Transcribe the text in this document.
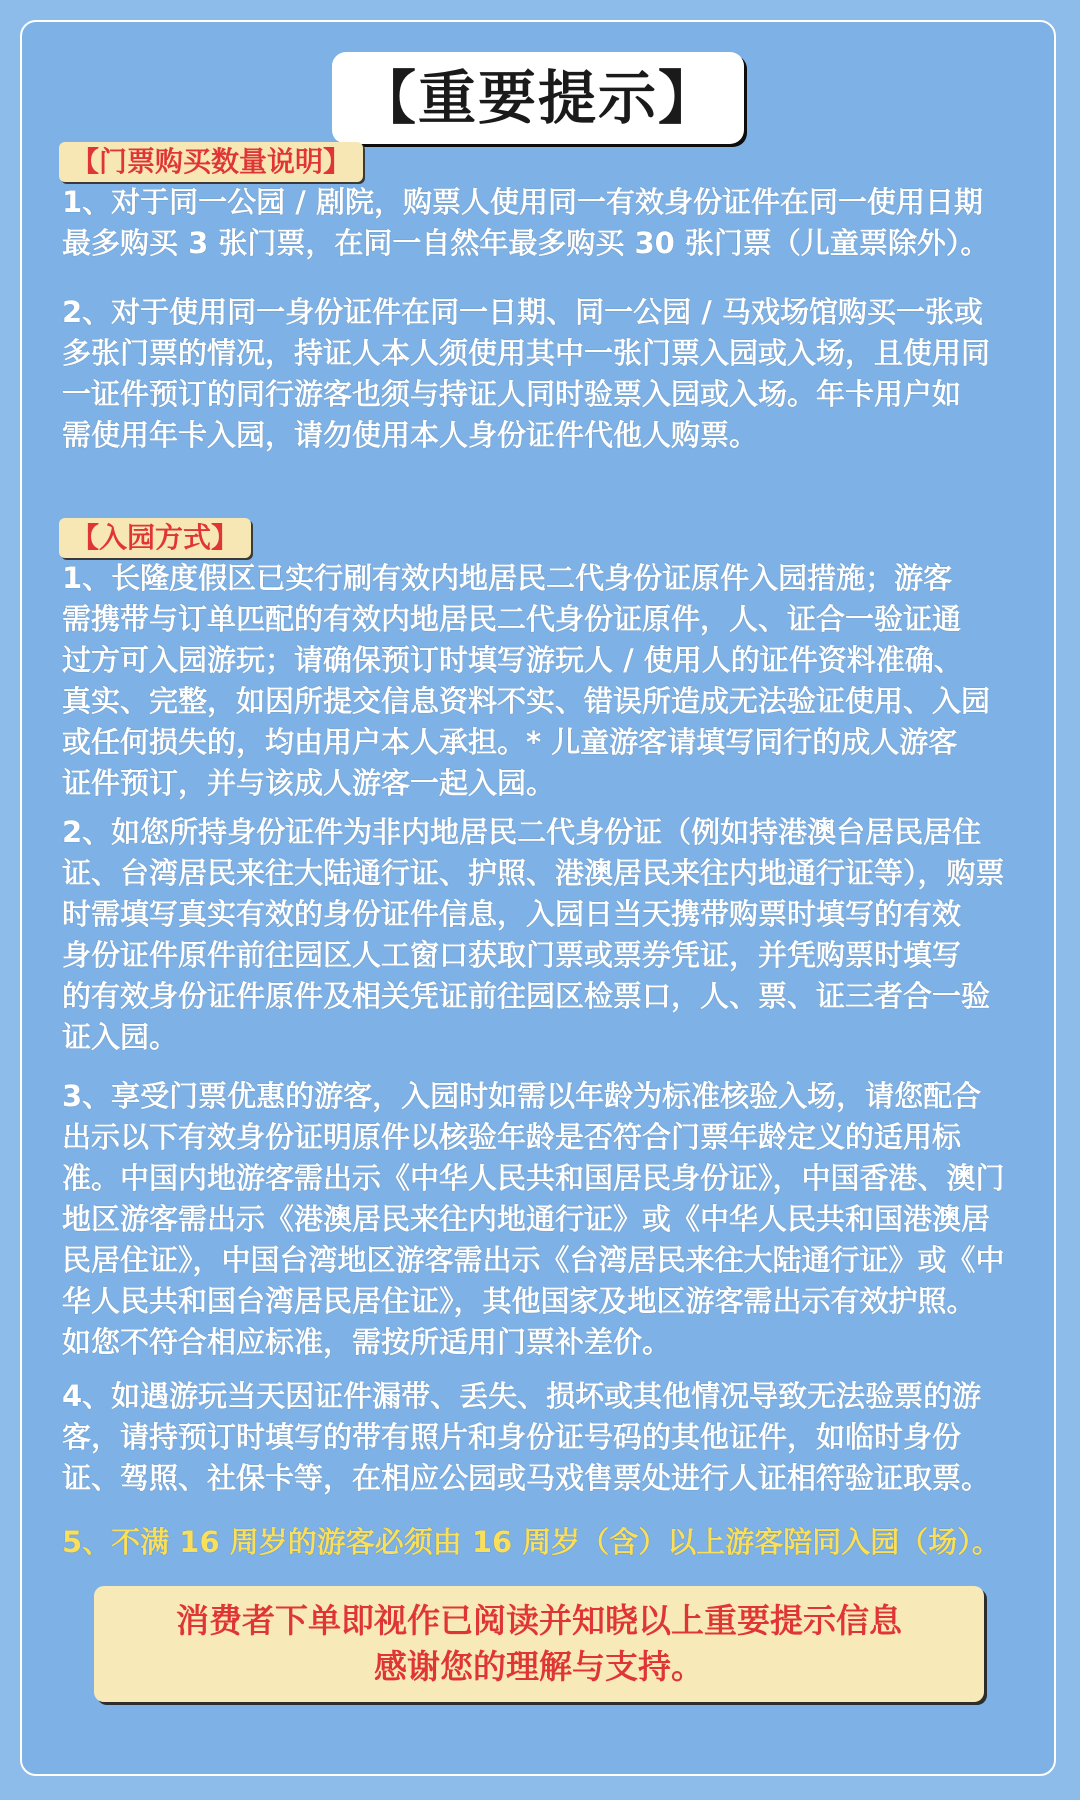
【重要提示】
【门票购买数量说明】

1、对于同一公园 / 剧院，购票人使用同一有效身份证件在同一使用日期
最多购买 3 张门票，在同一自然年最多购买 30 张门票（儿童票除外）。

2、对于使用同一身份证件在同一日期、同一公园 / 马戏场馆购买一张或
多张门票的情况，持证人本人须使用其中一张门票入园或入场，且使用同
一证件预订的同行游客也须与持证人同时验票入园或入场。年卡用户如
需使用年卡入园，请勿使用本人身份证件代他人购票。

【入园方式】

1、长隆度假区已实行刷有效内地居民二代身份证原件入园措施；游客
需携带与订单匹配的有效内地居民二代身份证原件，人、证合一验证通
过方可入园游玩；请确保预订时填写游玩人 / 使用人的证件资料准确、
真实、完整，如因所提交信息资料不实、错误所造成无法验证使用、入园
或任何损失的，均由用户本人承担。* 儿童游客请填写同行的成人游客
证件预订，并与该成人游客一起入园。

2、如您所持身份证件为非内地居民二代身份证（例如持港澳台居民居住
证、台湾居民来往大陆通行证、护照、港澳居民来往内地通行证等），购票
时需填写真实有效的身份证件信息，入园日当天携带购票时填写的有效
身份证件原件前往园区人工窗口获取门票或票券凭证，并凭购票时填写
的有效身份证件原件及相关凭证前往园区检票口，人、票、证三者合一验
证入园。

3、享受门票优惠的游客，入园时如需以年龄为标准核验入场，请您配合
出示以下有效身份证明原件以核验年龄是否符合门票年龄定义的适用标
准。中国内地游客需出示《中华人民共和国居民身份证》，中国香港、澳门
地区游客需出示《港澳居民来往内地通行证》或《中华人民共和国港澳居
民居住证》，中国台湾地区游客需出示《台湾居民来往大陆通行证》或《中
华人民共和国台湾居民居住证》，其他国家及地区游客需出示有效护照。
如您不符合相应标准，需按所适用门票补差价。

4、如遇游玩当天因证件漏带、丢失、损坏或其他情况导致无法验票的游
客，请持预订时填写的带有照片和身份证号码的其他证件，如临时身份
证、驾照、社保卡等，在相应公园或马戏售票处进行人证相符验证取票。

5、不满 16 周岁的游客必须由 16 周岁（含）以上游客陪同入园（场）。

消费者下单即视作已阅读并知晓以上重要提示信息
感谢您的理解与支持。
